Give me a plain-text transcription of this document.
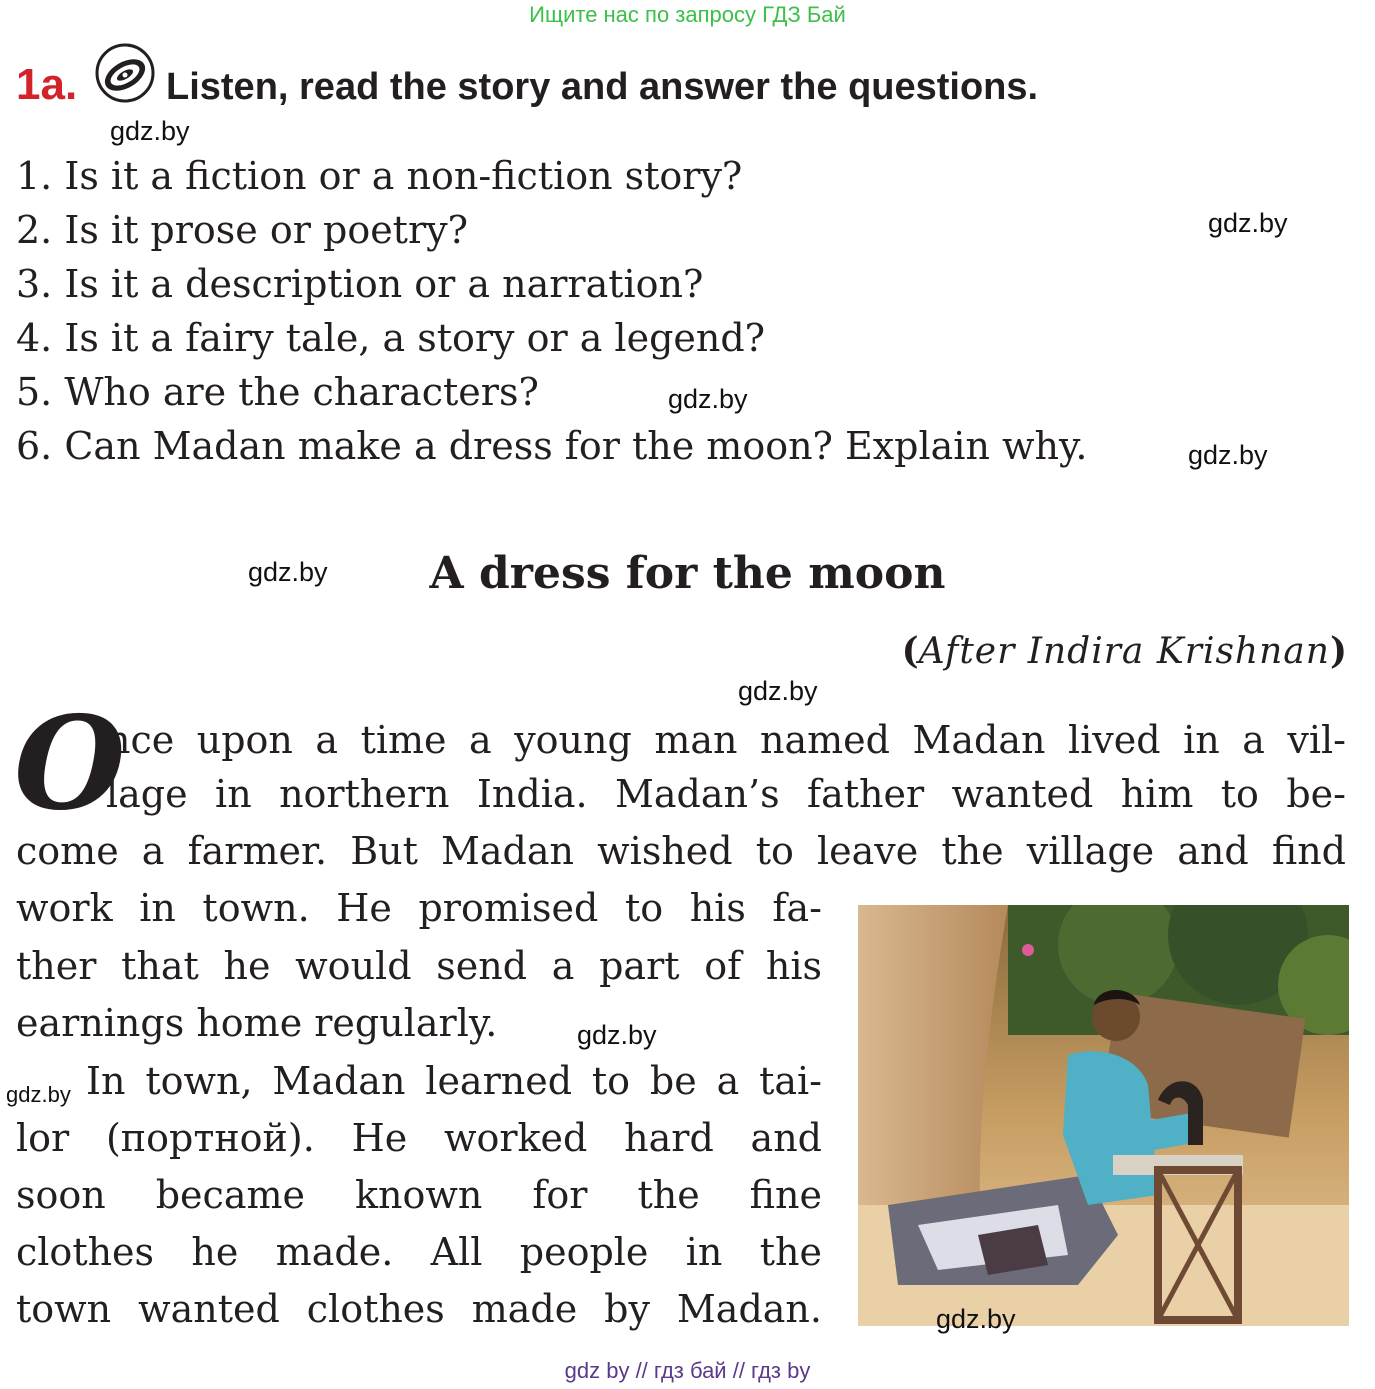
Ищите нас по запросу ГДЗ Бай
1a. Listen, read the story and answer the questions.
gdz.by
gdz.by
gdz.by
gdz.by
gdz.by
gdz.by
gdz.by
gdz.by
1. Is it a fiction or a non-fiction story?
2. Is it prose or poetry?
3. Is it a description or a narration?
4. Is it a fairy tale, a story or a legend?
5. Who are the characters?
6. Can Madan make a dress for the moon? Explain why.
A dress for the moon
(After Indira Krishnan)
O
nce upon a time a young man named Madan lived in a vil-
lage in northern India. Madan’s father wanted him to be-
come a farmer. But Madan wished to leave the village and find
work in town. He promised to his fa-
ther that he would send a part of his
earnings home regularly.
In town, Madan learned to be a tai-
lor (портной). He worked hard and
soon became known for the fine
clothes he made. All people in the
town wanted clothes made by Madan.	gdz.by
gdz by // гдз бай // гдз by
